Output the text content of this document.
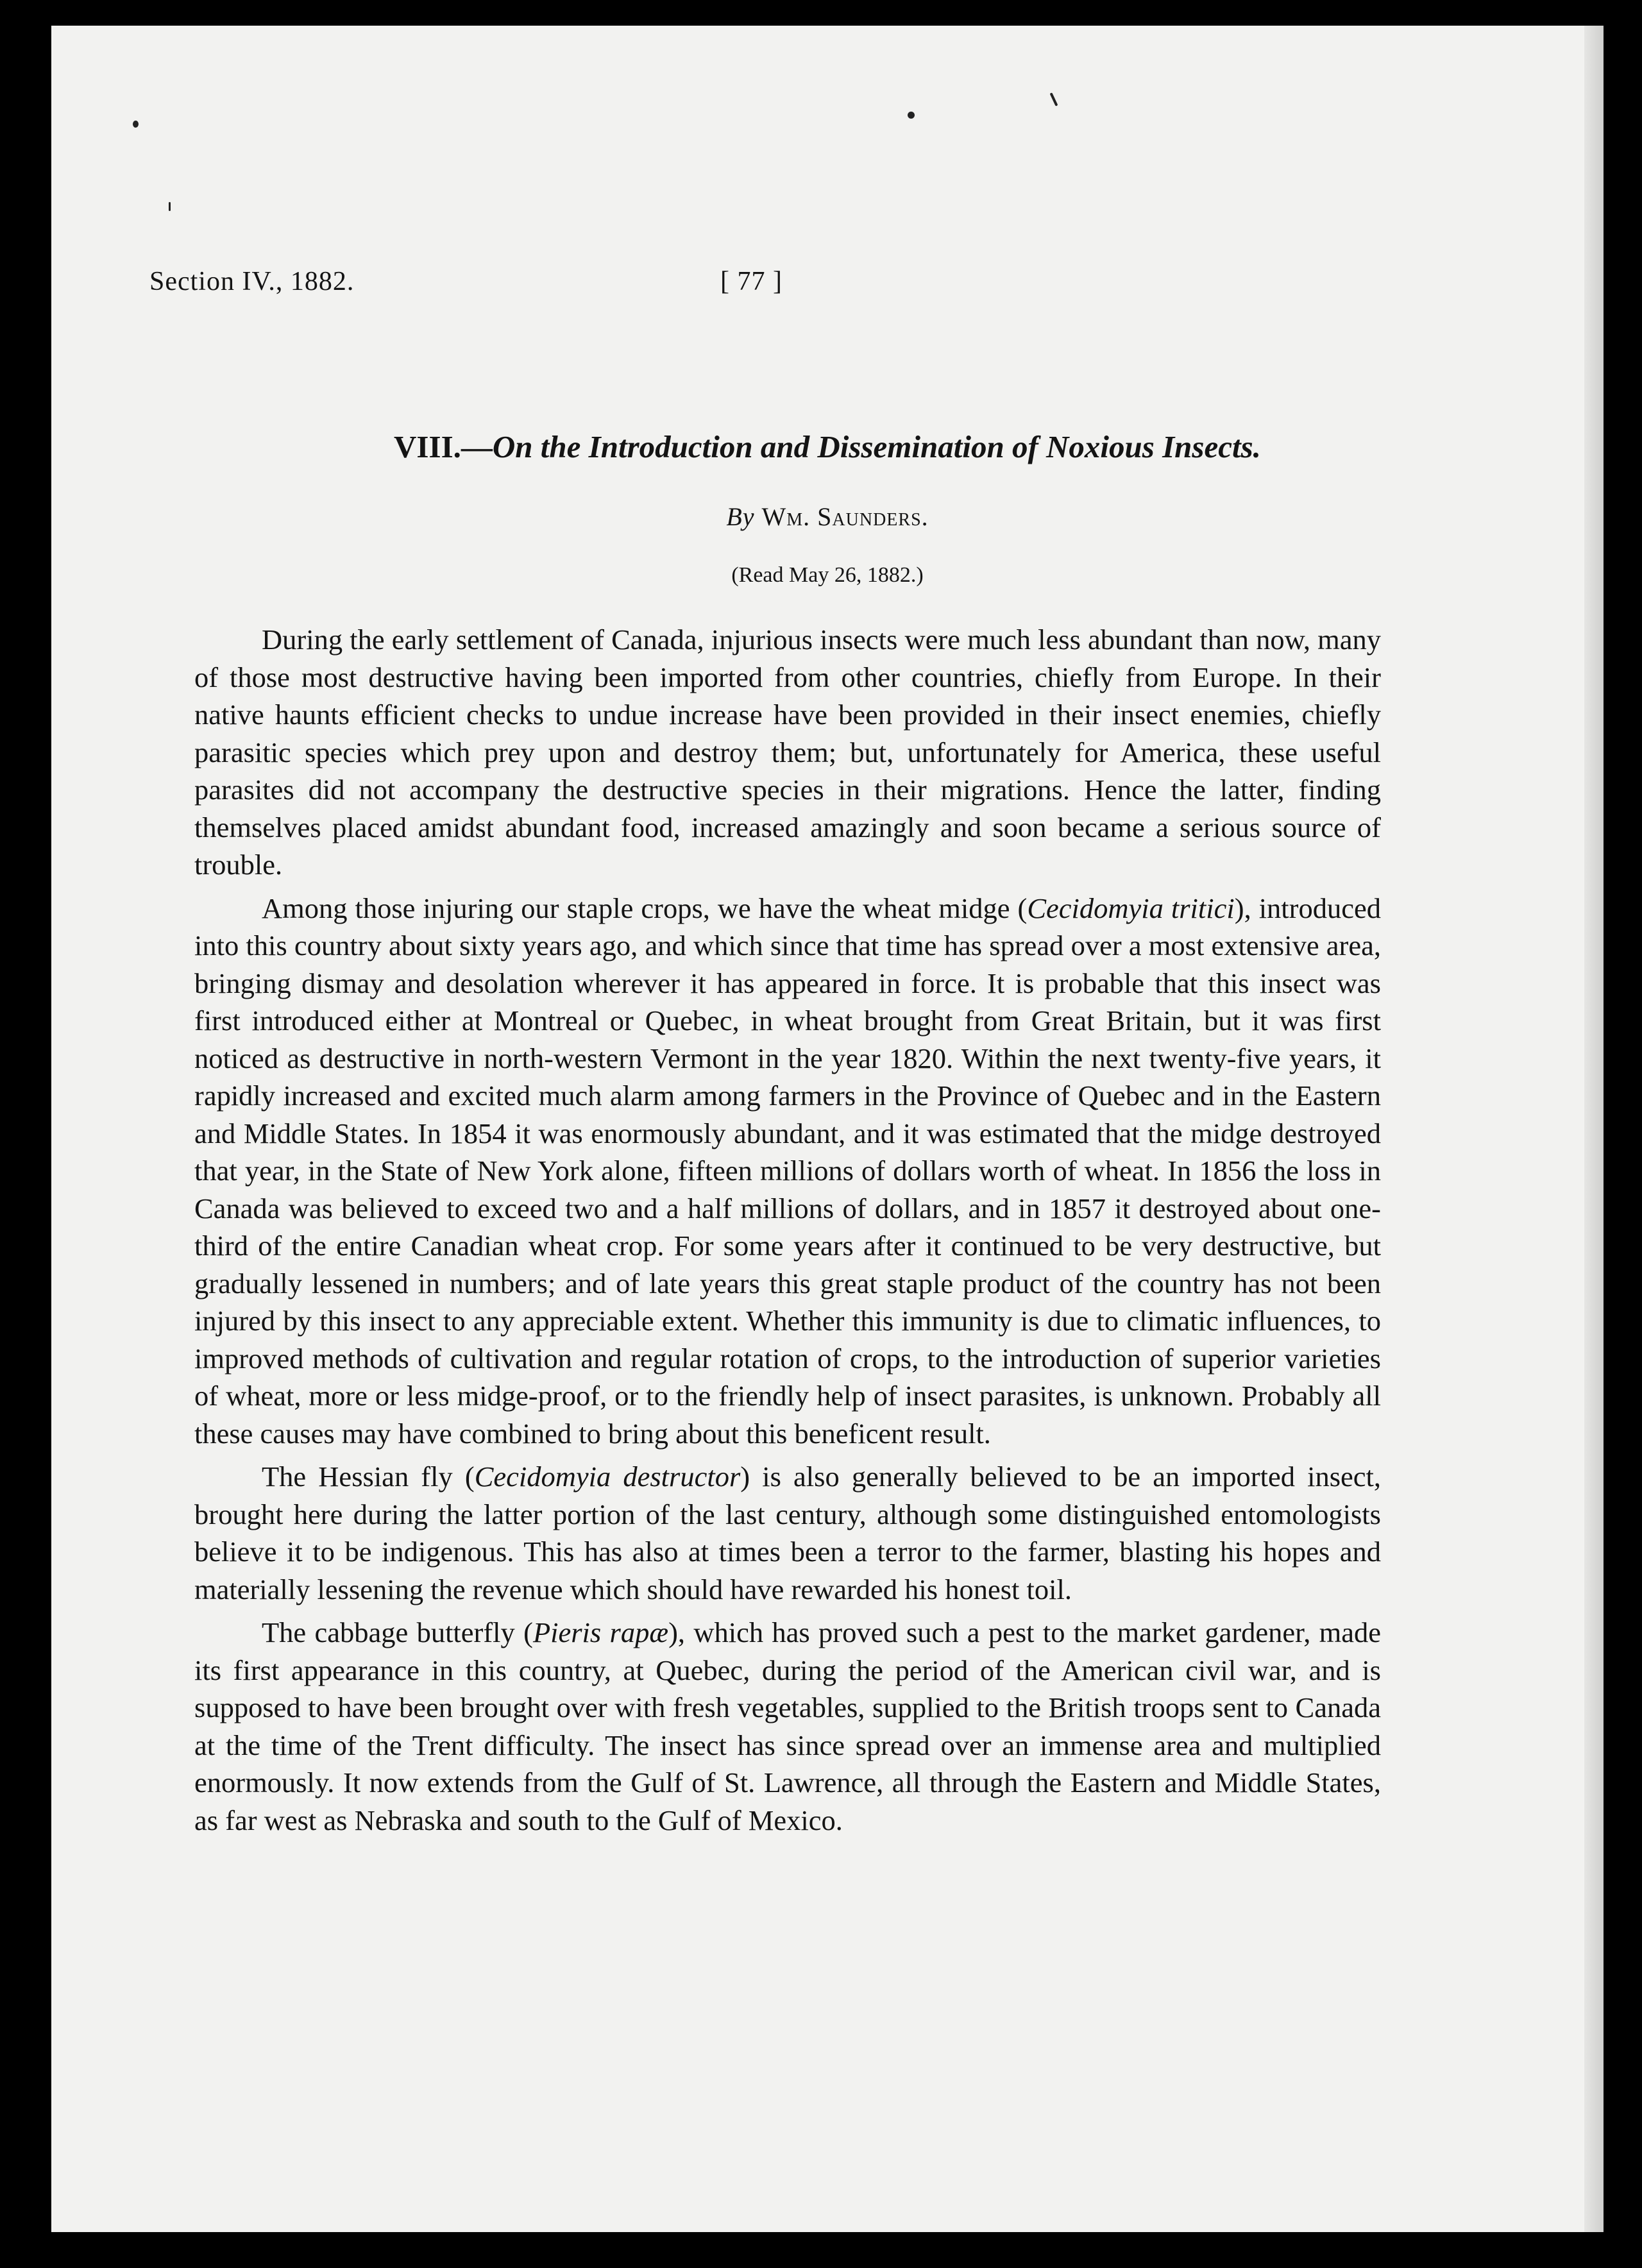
Section IV., 1882.	[ 77 ]
VIII.—On the Introduction and Dissemination of Noxious Insects.
By Wm. Saunders.
(Read May 26, 1882.)

During the early settlement of Canada, injurious insects were much less abundant than now, many of those most destructive having been imported from other countries, chiefly from Europe. In their native haunts efficient checks to undue increase have been provided in their insect enemies, chiefly parasitic species which prey upon and destroy them; but, unfortunately for America, these useful parasites did not accompany the destructive species in their migrations. Hence the latter, finding themselves placed amidst abundant food, increased amazingly and soon became a serious source of trouble.

Among those injuring our staple crops, we have the wheat midge (Cecidomyia tritici), introduced into this country about sixty years ago, and which since that time has spread over a most extensive area, bringing dismay and desolation wherever it has appeared in force. It is probable that this insect was first introduced either at Montreal or Quebec, in wheat brought from Great Britain, but it was first noticed as destructive in north-western Vermont in the year 1820. Within the next twenty-five years, it rapidly increased and excited much alarm among farmers in the Province of Quebec and in the Eastern and Middle States. In 1854 it was enormously abundant, and it was estimated that the midge destroyed that year, in the State of New York alone, fifteen millions of dollars worth of wheat. In 1856 the loss in Canada was believed to exceed two and a half millions of dollars, and in 1857 it destroyed about one-third of the entire Canadian wheat crop. For some years after it continued to be very destructive, but gradually lessened in numbers; and of late years this great staple product of the country has not been injured by this insect to any appreciable extent. Whether this immunity is due to climatic influences, to improved methods of cultivation and regular rotation of crops, to the introduction of superior varieties of wheat, more or less midge-proof, or to the friendly help of insect parasites, is unknown. Probably all these causes may have combined to bring about this beneficent result.

The Hessian fly (Cecidomyia destructor) is also generally believed to be an imported insect, brought here during the latter portion of the last century, although some distinguished entomologists believe it to be indigenous. This has also at times been a terror to the farmer, blasting his hopes and materially lessening the revenue which should have rewarded his honest toil.

The cabbage butterfly (Pieris rapæ), which has proved such a pest to the market gardener, made its first appearance in this country, at Quebec, during the period of the American civil war, and is supposed to have been brought over with fresh vegetables, supplied to the British troops sent to Canada at the time of the Trent difficulty. The insect has since spread over an immense area and multiplied enormously. It now extends from the Gulf of St. Lawrence, all through the Eastern and Middle States, as far west as Nebraska and south to the Gulf of Mexico.
